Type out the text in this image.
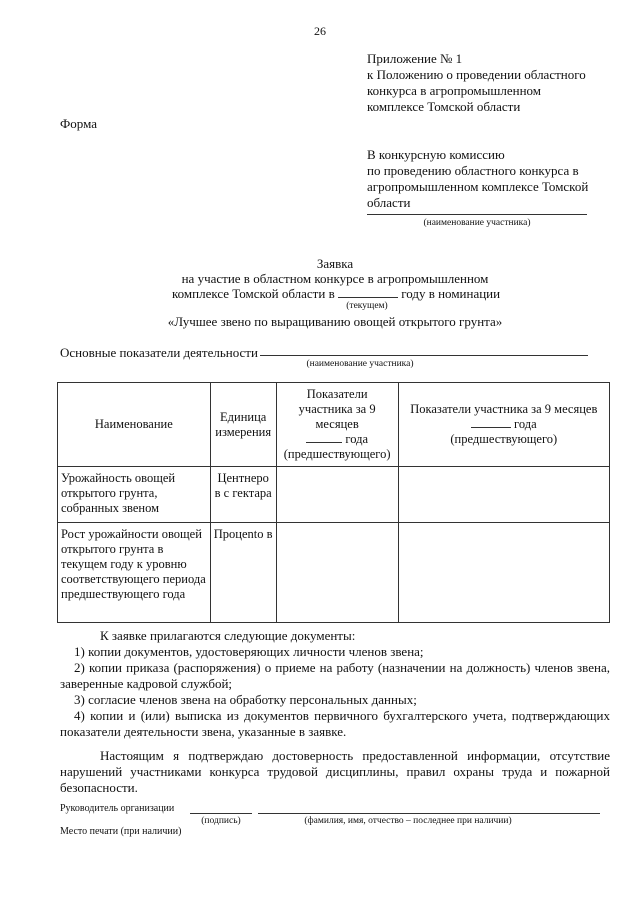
26
Приложение № 1
к Положению о проведении областного
конкурса в агропромышленном
комплексе Томской области
Форма
В конкурсную комиссию
по проведению областного конкурса в
агропромышленном комплексе Томской
области
(наименование участника)
Заявка
на участие в областном конкурсе в агропромышленном
комплексе Томской области в	году в номинации
(текущем)
«Лучшее звено по выращиванию овощей открытого грунта»
Основные показатели деятельности
(наименование участника)
Наименование	Единица измерения	Показатели участника за 9 месяцев
года
(предшествующего)	Показатели участника за 9 месяцев
года
(предшествующего)
Урожайность овощей открытого грунта, собранных звеном	Центнеро в с гектара		
Рост урожайности овощей открытого грунта в текущем году к уровню соответствующего периода предшествующего года	Процento в		
К заявке прилагаются следующие документы:
1) копии документов, удостоверяющих личности членов звена;
2) копии приказа (распоряжения) о приеме на работу (назначении на должность) членов звена,
заверенные кадровой службой;
3) согласие членов звена на обработку персональных данных;
4) копии и (или) выписка из документов первичного бухгалтерского учета, подтверждающих
показатели деятельности звена, указанные в заявке.
Настоящим я подтверждаю достоверность предоставленной информации, отсутствие
нарушений участниками конкурса трудовой дисциплины, правил охраны труда и пожарной
безопасности.
Руководитель организации
(подпись)	(фамилия, имя, отчество – последнее при наличии)
Место печати (при наличии)
